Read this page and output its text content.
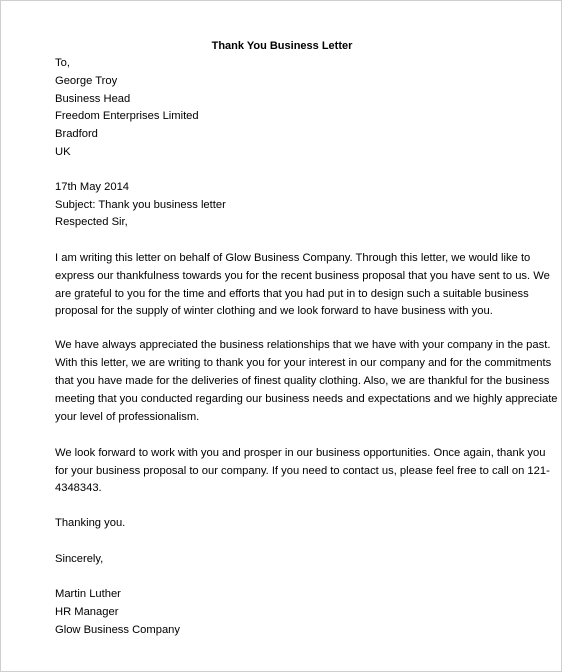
Thank You Business Letter
To,
George Troy
Business Head
Freedom Enterprises Limited
Bradford
UK
17th May 2014
Subject: Thank you business letter
Respected Sir,
I am writing this letter on behalf of Glow Business Company. Through this letter, we would like to
express our thankfulness towards you for the recent business proposal that you have sent to us. We
are grateful to you for the time and efforts that you had put in to design such a suitable business
proposal for the supply of winter clothing and we look forward to have business with you.
We have always appreciated the business relationships that we have with your company in the past.
With this letter, we are writing to thank you for your interest in our company and for the commitments
that you have made for the deliveries of finest quality clothing. Also, we are thankful for the business
meeting that you conducted regarding our business needs and expectations and we highly appreciate
your level of professionalism.
We look forward to work with you and prosper in our business opportunities. Once again, thank you
for your business proposal to our company. If you need to contact us, please feel free to call on 121-
4348343.
Thanking you.
Sincerely,
Martin Luther
HR Manager
Glow Business Company
